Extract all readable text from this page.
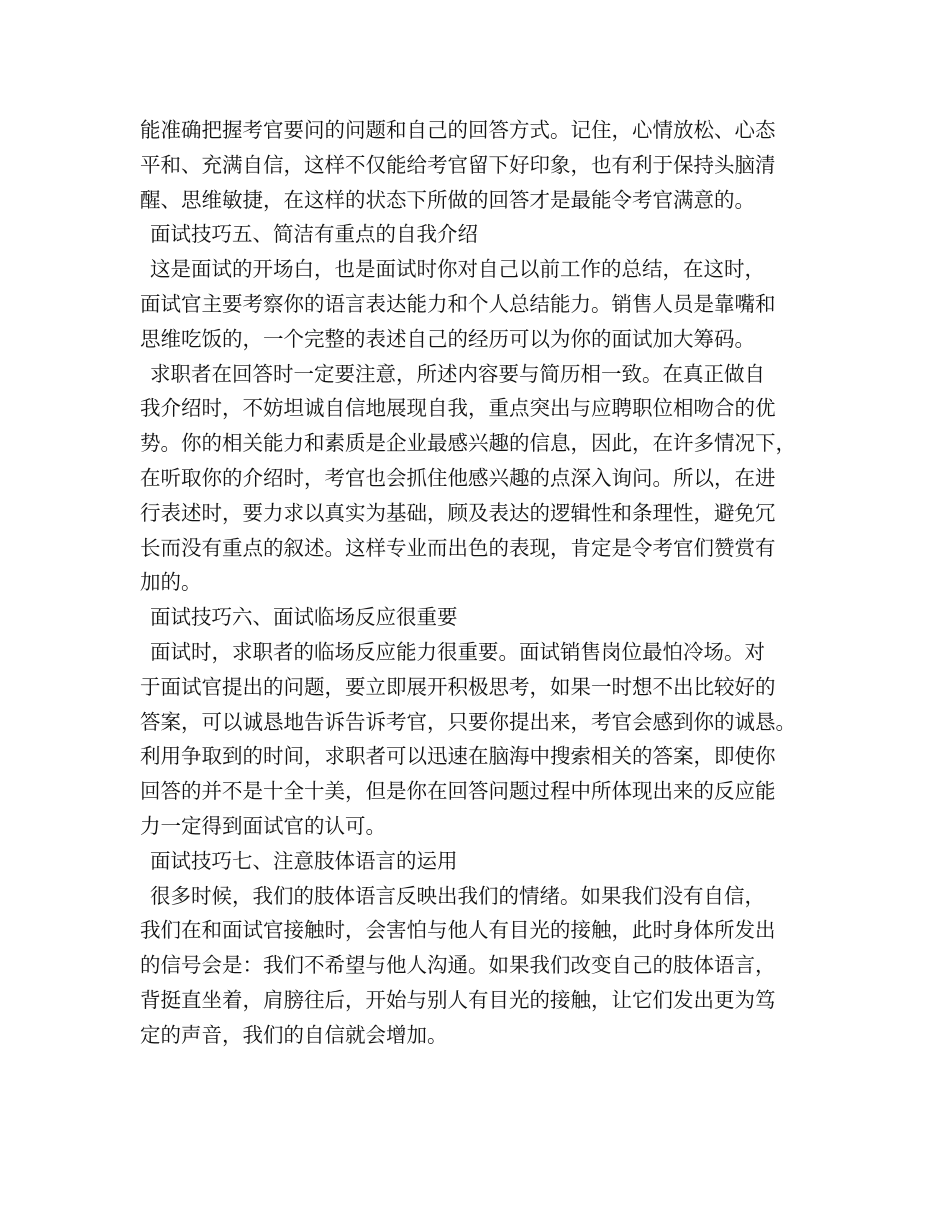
能准确把握考官要问的问题和自己的回答方式。记住，心情放松、心态
平和、充满自信，这样不仅能给考官留下好印象，也有利于保持头脑清
醒、思维敏捷，在这样的状态下所做的回答才是最能令考官满意的。
面试技巧五、简洁有重点的自我介绍
这是面试的开场白，也是面试时你对自己以前工作的总结，在这时，
面试官主要考察你的语言表达能力和个人总结能力。销售人员是靠嘴和
思维吃饭的，一个完整的表述自己的经历可以为你的面试加大筹码。
求职者在回答时一定要注意，所述内容要与简历相一致。在真正做自
我介绍时，不妨坦诚自信地展现自我，重点突出与应聘职位相吻合的优
势。你的相关能力和素质是企业最感兴趣的信息，因此，在许多情况下，
在听取你的介绍时，考官也会抓住他感兴趣的点深入询问。所以，在进
行表述时，要力求以真实为基础，顾及表达的逻辑性和条理性，避免冗
长而没有重点的叙述。这样专业而出色的表现，肯定是令考官们赞赏有
加的。
面试技巧六、面试临场反应很重要
面试时，求职者的临场反应能力很重要。面试销售岗位最怕冷场。对
于面试官提出的问题，要立即展开积极思考，如果一时想不出比较好的
答案，可以诚恳地告诉告诉考官，只要你提出来，考官会感到你的诚恳。
利用争取到的时间，求职者可以迅速在脑海中搜索相关的答案，即使你
回答的并不是十全十美，但是你在回答问题过程中所体现出来的反应能
力一定得到面试官的认可。
面试技巧七、注意肢体语言的运用
很多时候，我们的肢体语言反映出我们的情绪。如果我们没有自信，
我们在和面试官接触时，会害怕与他人有目光的接触，此时身体所发出
的信号会是：我们不希望与他人沟通。如果我们改变自己的肢体语言，
背挺直坐着，肩膀往后，开始与别人有目光的接触，让它们发出更为笃
定的声音，我们的自信就会增加。
